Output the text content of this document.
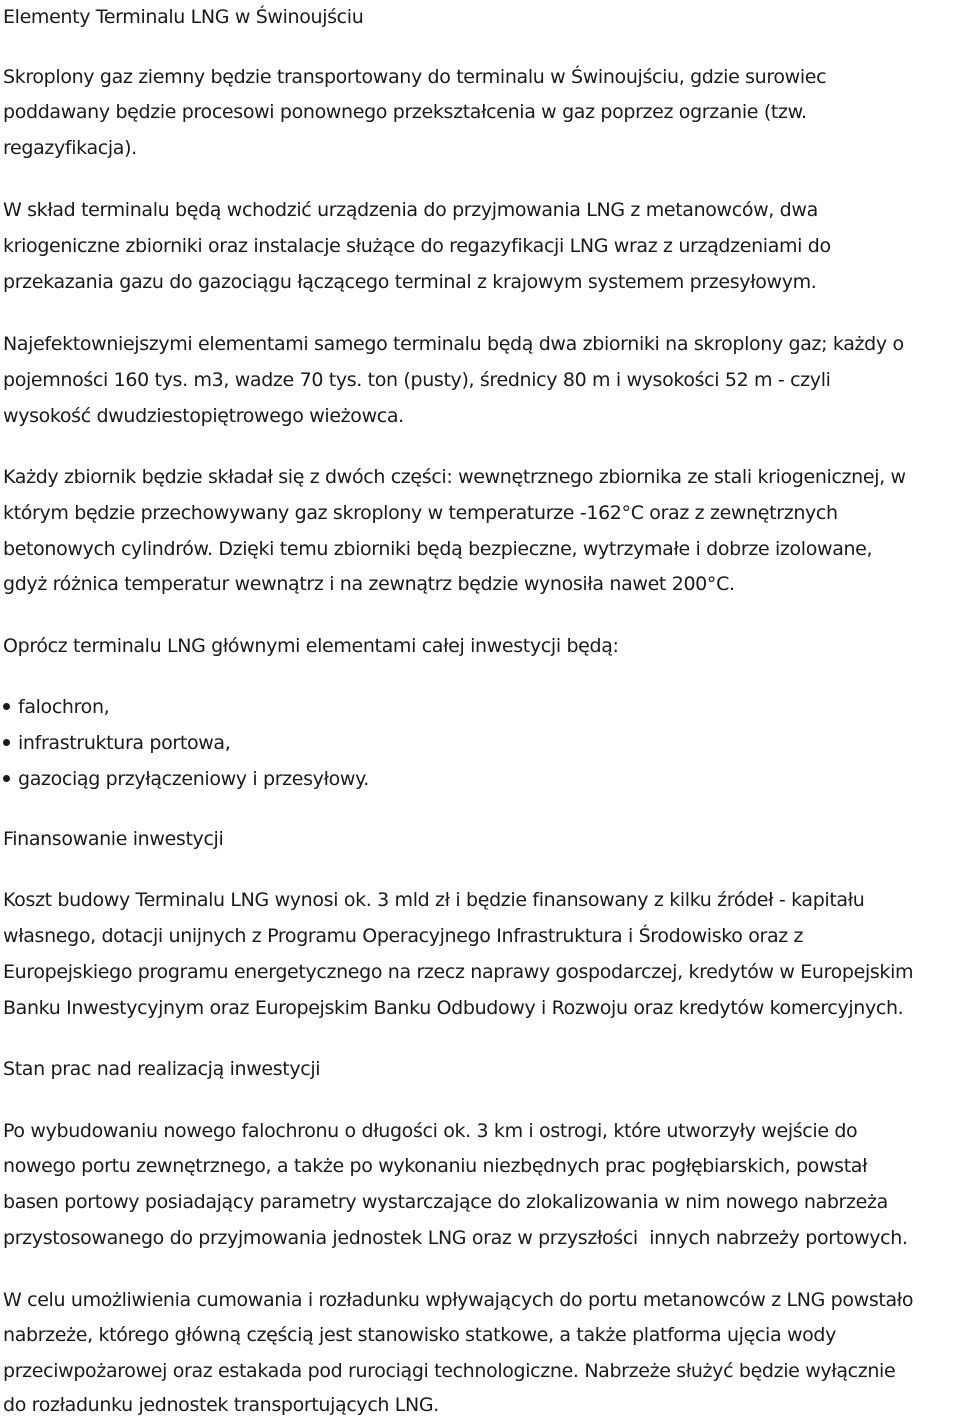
Elementy Terminalu LNG w Świnoujściu
Skroplony gaz ziemny będzie transportowany do terminalu w Świnoujściu, gdzie surowiec
poddawany będzie procesowi ponownego przekształcenia w gaz poprzez ogrzanie (tzw.
regazyfikacja).
W skład terminalu będą wchodzić urządzenia do przyjmowania LNG z metanowców, dwa
kriogeniczne zbiorniki oraz instalacje służące do regazyfikacji LNG wraz z urządzeniami do
przekazania gazu do gazociągu łączącego terminal z krajowym systemem przesyłowym.
Najefektowniejszymi elementami samego terminalu będą dwa zbiorniki na skroplony gaz; każdy o
pojemności 160 tys. m3, wadze 70 tys. ton (pusty), średnicy 80 m i wysokości 52 m - czyli
wysokość dwudziestopiętrowego wieżowca.
Każdy zbiornik będzie składał się z dwóch części: wewnętrznego zbiornika ze stali kriogenicznej, w
którym będzie przechowywany gaz skroplony w temperaturze -162°C oraz z zewnętrznych
betonowych cylindrów. Dzięki temu zbiorniki będą bezpieczne, wytrzymałe i dobrze izolowane,
gdyż różnica temperatur wewnątrz i na zewnątrz będzie wynosiła nawet 200°C.
Oprócz terminalu LNG głównymi elementami całej inwestycji będą:
falochron,
infrastruktura portowa,
gazociąg przyłączeniowy i przesyłowy.
Finansowanie inwestycji
Koszt budowy Terminalu LNG wynosi ok. 3 mld zł i będzie finansowany z kilku źródeł - kapitału
własnego, dotacji unijnych z Programu Operacyjnego Infrastruktura i Środowisko oraz z
Europejskiego programu energetycznego na rzecz naprawy gospodarczej, kredytów w Europejskim
Banku Inwestycyjnym oraz Europejskim Banku Odbudowy i Rozwoju oraz kredytów komercyjnych.
Stan prac nad realizacją inwestycji
Po wybudowaniu nowego falochronu o długości ok. 3 km i ostrogi, które utworzyły wejście do
nowego portu zewnętrznego, a także po wykonaniu niezbędnych prac pogłębiarskich, powstał
basen portowy posiadający parametry wystarczające do zlokalizowania w nim nowego nabrzeża
przystosowanego do przyjmowania jednostek LNG oraz w przyszłości  innych nabrzeży portowych.
W celu umożliwienia cumowania i rozładunku wpływających do portu metanowców z LNG powstało
nabrzeże, którego główną częścią jest stanowisko statkowe, a także platforma ujęcia wody
przeciwpożarowej oraz estakada pod rurociągi technologiczne. Nabrzeże służyć będzie wyłącznie
do rozładunku jednostek transportujących LNG.
